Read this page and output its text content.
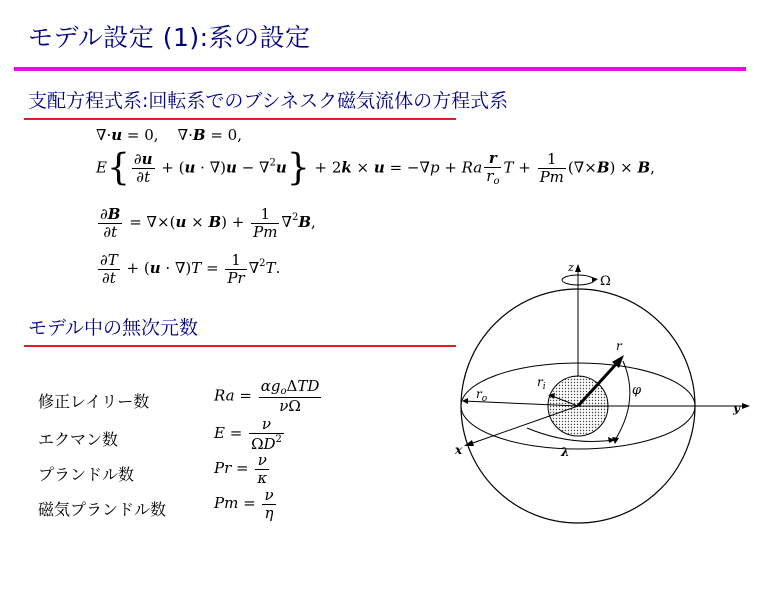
モデル設定 (1):系の設定
支配方程式系:回転系でのブシネスク磁気流体の方程式系
∇·u = 0,    ∇·B = 0,
$E\{ \frac{\partial u}{\partial t} + (u \cdot \nabla)u - \nabla^2u\} + 2k \times u = -\nabla p + Ra \frac{r}{r_o}$ $T + \frac{1}{Pm} (\nabla\times B) \times B$,
$\frac{\partial B}{\partial t} = \nabla\times(u \times B) + \frac{1}{Pm} \nabla^2B$,
$\frac{\partial T}{\partial t} + (u \cdot \nabla)T = \frac{1}{Pr} \nabla^2T$.
モデル中の無次元数
修正レイリー数	$Ra = \frac{\alpha g_o\Delta TD}{\nu\Omega}$
エクマン数	$E = \frac{\nu}{\Omega D^2}$
プランドル数	$Pr = \frac{\nu}{\kappa}$
磁気プランドル数	$Pm = \frac{\nu}{\eta}$
z
Ω
y
x
r
$r_i$
$r_o$
φ
λ
